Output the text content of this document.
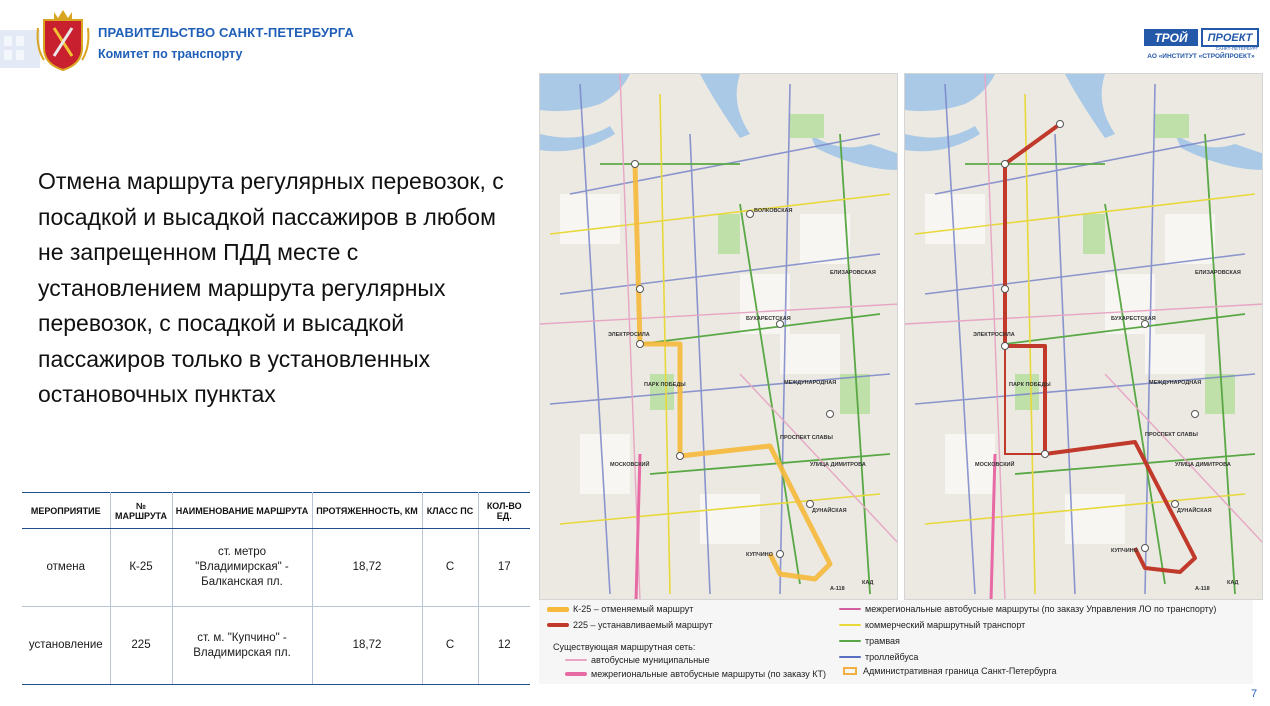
ПРАВИТЕЛЬСТВО САНКТ-ПЕТЕРБУРГА
Комитет по транспорту
ТРОЙ ПРОЕКТ
САНКТ-ПЕТЕРБУРГ
АО «ИНСТИТУТ «СТРОЙПРОЕКТ»
Отмена маршрута регулярных перевозок, с посадкой и высадкой пассажиров в любом не запрещенном ПДД месте с установлением маршрута регулярных перевозок, с посадкой и высадкой пассажиров только в установленных остановочных пунктах
МЕРОПРИЯТИЕ	№ МАРШРУТА	НАИМЕНОВАНИЕ МАРШРУТА	ПРОТЯЖЕННОСТЬ, КМ	КЛАСС ПС	КОЛ-ВО ЕД.
отмена	К-25	ст. метро "Владимирская" - Балканская пл.	18,72	С	17
установление	225	ст. м. "Купчино" - Владимирская пл.	18,72	С	12
МОСКОВСКИЙ
ПАРК ПОБЕДЫ
ЭЛЕКТРОСИЛА
КУПЧИНО
ДУНАЙСКАЯ
ПРОСПЕКТ СЛАВЫ
МЕЖДУНАРОДНАЯ
БУХАРЕСТСКАЯ
ВОЛКОВСКАЯ
ЕЛИЗАРОВСКАЯ
УЛИЦА ДИМИТРОВА
КАД
А-118
МОСКОВСКИЙ
ПАРК ПОБЕДЫ
ЭЛЕКТРОСИЛА
КУПЧИНО
ДУНАЙСКАЯ
ПРОСПЕКТ СЛАВЫ
МЕЖДУНАРОДНАЯ
БУХАРЕСТСКАЯ
ЕЛИЗАРОВСКАЯ
УЛИЦА ДИМИТРОВА
КАД
А-118
К-25 – отменяемый маршрут
225 – устанавливаемый маршрут
Существующая маршрутная сеть:
автобусные муниципальные
межрегиональные автобусные маршруты (по заказу КТ)
межрегиональные автобусные маршруты (по заказу Управления ЛО по транспорту)
коммерческий маршрутный транспорт
трамвая
троллейбуса
Административная граница Санкт-Петербурга
7
